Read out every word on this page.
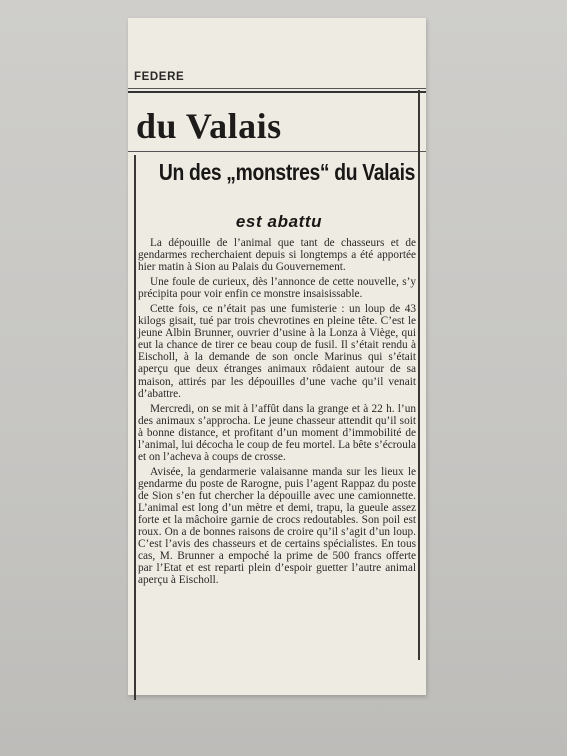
FEDERE
du Valais
Un des „monstres“ du Valais
est abattu

La dépouille de l’animal que tant de chasseurs et de gendarmes recherchaient depuis si longtemps a été apportée hier matin à Sion au Palais du Gouvernement.

Une foule de curieux, dès l’annonce de cette nouvelle, s’y précipita pour voir enfin ce monstre insaisissable.

Cette fois, ce n’était pas une fumisterie : un loup de 43 kilogs gisait, tué par trois chevrotines en pleine tête. C’est le jeune Albin Brunner, ouvrier d’usine à la Lonza à Viège, qui eut la chance de tirer ce beau coup de fusil. Il s’était rendu à Eischoll, à la demande de son oncle Marinus qui s’était aperçu que deux étranges animaux rôdaient autour de sa maison, attirés par les dépouilles d’une vache qu’il venait d’abattre.

Mercredi, on se mit à l’affût dans la grange et à 22 h. l’un des animaux s’approcha. Le jeune chasseur attendit qu’il soit à bonne distance, et profitant d’un moment d’immobilité de l’animal, lui décocha le coup de feu mortel. La bête s’écroula et on l’acheva à coups de crosse.

Avisée, la gendarmerie valaisanne manda sur les lieux le gendarme du poste de Rarogne, puis l’agent Rappaz du poste de Sion s’en fut chercher la dépouille avec une camionnette. L’animal est long d’un mètre et demi, trapu, la gueule assez forte et la mâchoire garnie de crocs redoutables. Son poil est roux. On a de bonnes raisons de croire qu’il s’agit d’un loup. C’est l’avis des chasseurs et de certains spécialistes. En tous cas, M. Brunner a empoché la prime de 500 francs offerte par l’Etat et est reparti plein d’espoir guetter l’autre animal aperçu à Eischoll.
